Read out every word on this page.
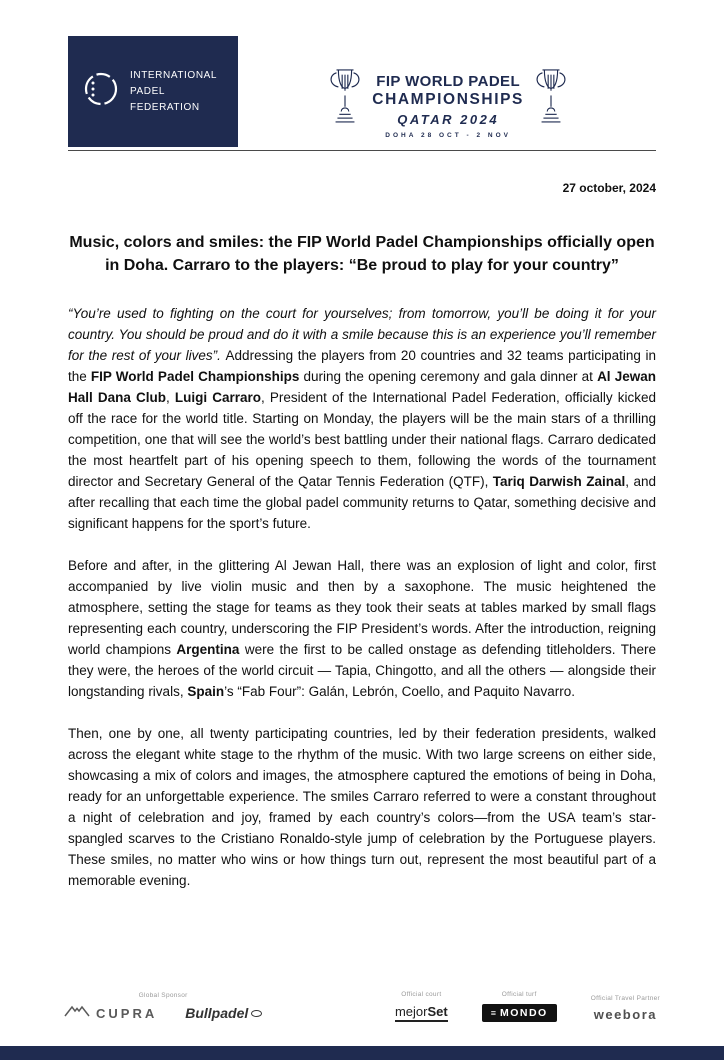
INTERNATIONAL
PADEL
FEDERATION
FIP WORLD PADEL
CHAMPIONSHIPS
QATAR 2024
DOHA 28 OCT - 2 NOV
27 october, 2024
Music, colors and smiles: the FIP World Padel Championships officially open in Doha. Carraro to the players: “Be proud to play for your country”

“You’re used to fighting on the court for yourselves; from tomorrow, you’ll be doing it for your country. You should be proud and do it with a smile because this is an experience you’ll remember for the rest of your lives”. Addressing the players from 20 countries and 32 teams participating in the FIP World Padel Championships during the opening ceremony and gala dinner at Al Jewan Hall Dana Club, Luigi Carraro, President of the International Padel Federation, officially kicked off the race for the world title. Starting on Monday, the players will be the main stars of a thrilling competition, one that will see the world’s best battling under their national flags. Carraro dedicated the most heartfelt part of his opening speech to them, following the words of the tournament director and Secretary General of the Qatar Tennis Federation (QTF), Tariq Darwish Zainal, and after recalling that each time the global padel community returns to Qatar, something decisive and significant happens for the sport’s future.

Before and after, in the glittering Al Jewan Hall, there was an explosion of light and color, first accompanied by live violin music and then by a saxophone. The music heightened the atmosphere, setting the stage for teams as they took their seats at tables marked by small flags representing each country, underscoring the FIP President’s words. After the introduction, reigning world champions Argentina were the first to be called onstage as defending titleholders. There they were, the heroes of the world circuit — Tapia, Chingotto, and all the others — alongside their longstanding rivals, Spain’s “Fab Four”: Galán, Lebrón, Coello, and Paquito Navarro.

Then, one by one, all twenty participating countries, led by their federation presidents, walked across the elegant white stage to the rhythm of the music. With two large screens on either side, showcasing a mix of colors and images, the atmosphere captured the emotions of being in Doha, ready for an unforgettable experience. The smiles Carraro referred to were a constant throughout a night of celebration and joy, framed by each country’s colors—from the USA team’s star-spangled scarves to the Cristiano Ronaldo-style jump of celebration by the Portuguese players. These smiles, no matter who wins or how things turn out, represent the most beautiful part of a memorable evening.

Global Sponsor
CUPRA Bullpadel
Official court
mejorSet
Official turf
≡ MONDO
Official Travel Partner
weebora
